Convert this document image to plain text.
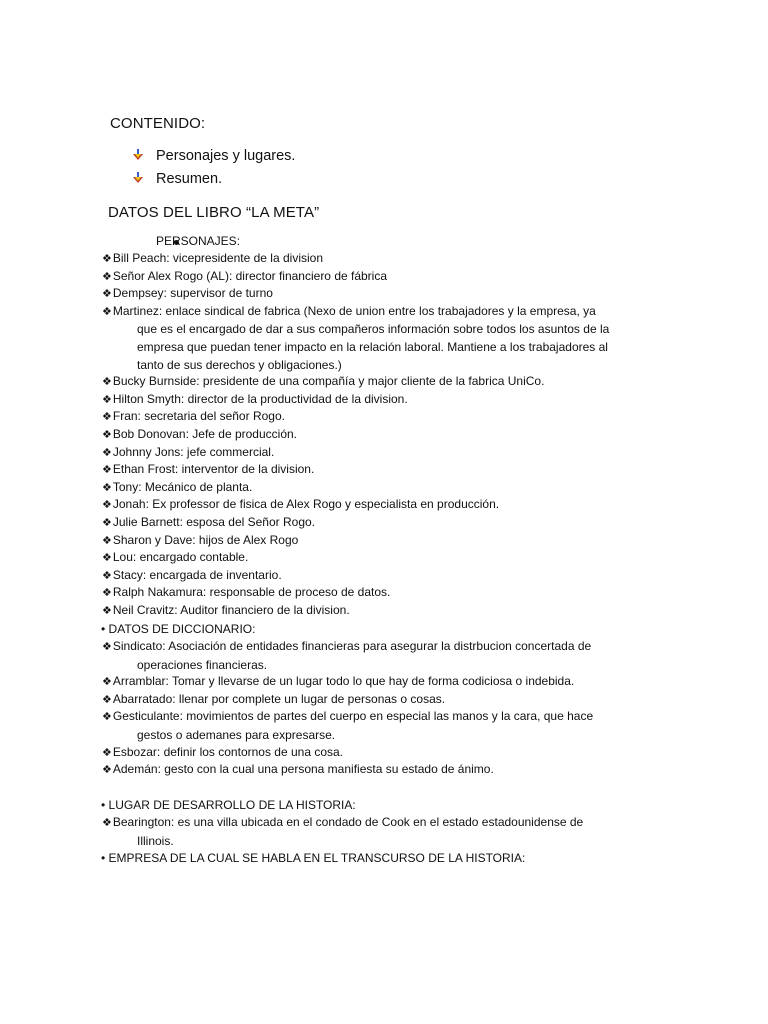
CONTENIDO:
Personajes y lugares.
Resumen.
DATOS DEL LIBRO “LA META”
PERSONAJES:
❖Bill Peach: vicepresidente de la division
❖Señor Alex Rogo (AL): director financiero de fábrica
❖Dempsey: supervisor de turno
❖Martinez: enlace sindical de fabrica (Nexo de union entre los trabajadores y la empresa, ya
que es el encargado de dar a sus compañeros información sobre todos los asuntos de la
empresa que puedan tener impacto en la relación laboral. Mantiene a los trabajadores al
tanto de sus derechos y obligaciones.)
❖Bucky Burnside: presidente de una compañía y major cliente de la fabrica UniCo.
❖Hilton Smyth: director de la productividad de la division.
❖Fran: secretaria del señor Rogo.
❖Bob Donovan: Jefe de producción.
❖Johnny Jons: jefe commercial.
❖Ethan Frost: interventor de la division.
❖Tony: Mecánico de planta.
❖Jonah: Ex professor de fisica de Alex Rogo y especialista en producción.
❖Julie Barnett: esposa del Señor Rogo.
❖Sharon y Dave: hijos de Alex Rogo
❖Lou: encargado contable.
❖Stacy: encargada de inventario.
❖Ralph Nakamura: responsable de proceso de datos.
❖Neil Cravitz: Auditor financiero de la division.
• DATOS DE DICCIONARIO:
❖Sindicato: Asociación de entidades financieras para asegurar la distrbucion concertada de
operaciones financieras.
❖Arramblar: Tomar y llevarse de un lugar todo lo que hay de forma codiciosa o indebida.
❖Abarratado: llenar por complete un lugar de personas o cosas.
❖Gesticulante: movimientos de partes del cuerpo en especial las manos y la cara, que hace
gestos o ademanes para expresarse.
❖Esbozar: definir los contornos de una cosa.
❖Ademán: gesto con la cual una persona manifiesta su estado de ánimo.
• LUGAR DE DESARROLLO DE LA HISTORIA:
❖Bearington: es una villa ubicada en el condado de Cook en el estado estadounidense de
Illinois.
• EMPRESA DE LA CUAL SE HABLA EN EL TRANSCURSO DE LA HISTORIA:
